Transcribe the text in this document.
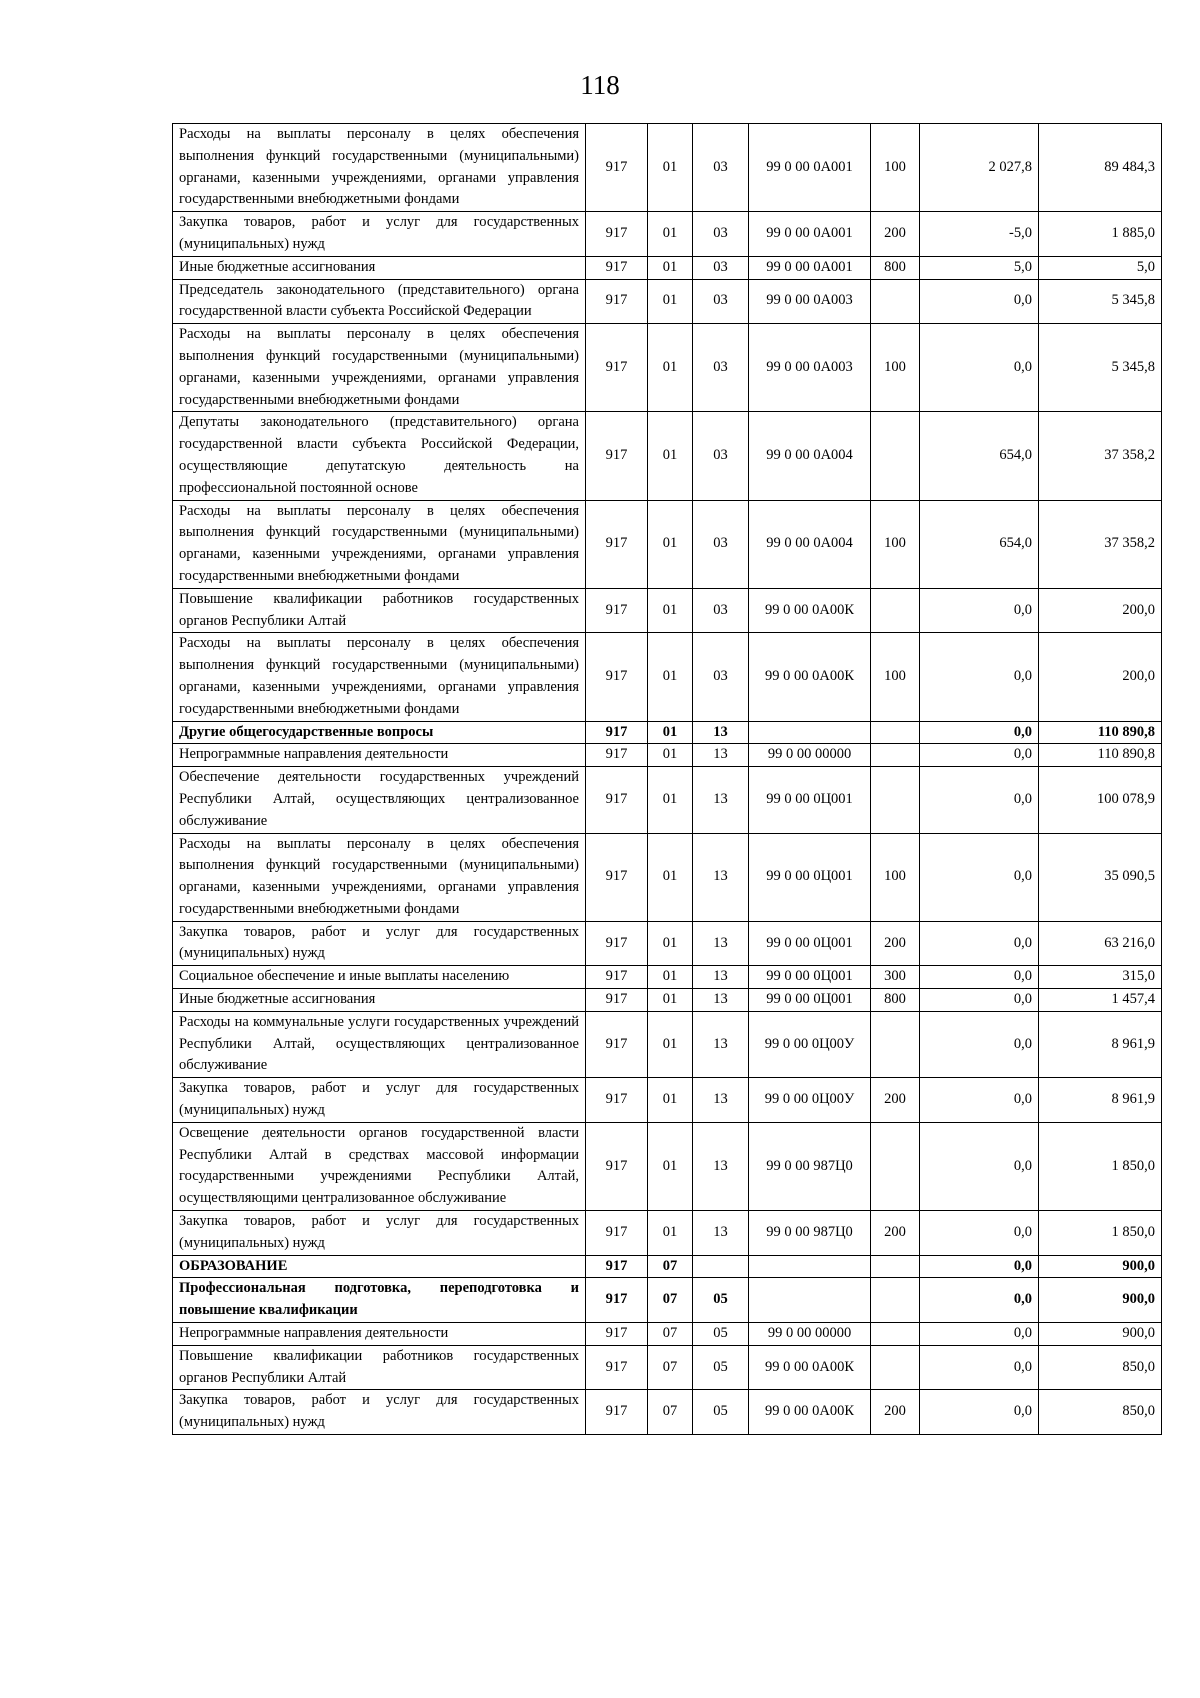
118
Расходы на выплаты персоналу в целях обеспечения выполнения функций государственными (муниципальными) органами, казенными учреждениями, органами управления государственными внебюджетными фондами	917	01	03	99 0 00 0А001	100	2 027,8	89 484,3
Закупка товаров, работ и услуг для государственных (муниципальных) нужд	917	01	03	99 0 00 0А001	200	-5,0	1 885,0
Иные бюджетные ассигнования	917	01	03	99 0 00 0А001	800	5,0	5,0
Председатель законодательного (представительного) органа государственной власти субъекта Российской Федерации	917	01	03	99 0 00 0А003		0,0	5 345,8
Расходы на выплаты персоналу в целях обеспечения выполнения функций государственными (муниципальными) органами, казенными учреждениями, органами управления государственными внебюджетными фондами	917	01	03	99 0 00 0А003	100	0,0	5 345,8
Депутаты законодательного (представительного) органа государственной власти субъекта Российской Федерации, осуществляющие депутатскую деятельность на профессиональной постоянной основе	917	01	03	99 0 00 0А004		654,0	37 358,2
Расходы на выплаты персоналу в целях обеспечения выполнения функций государственными (муниципальными) органами, казенными учреждениями, органами управления государственными внебюджетными фондами	917	01	03	99 0 00 0А004	100	654,0	37 358,2
Повышение квалификации работников государственных органов Республики Алтай	917	01	03	99 0 00 0А00К		0,0	200,0
Расходы на выплаты персоналу в целях обеспечения выполнения функций государственными (муниципальными) органами, казенными учреждениями, органами управления государственными внебюджетными фондами	917	01	03	99 0 00 0А00К	100	0,0	200,0
Другие общегосударственные вопросы	917	01	13			0,0	110 890,8
Непрограммные направления деятельности	917	01	13	99 0 00 00000		0,0	110 890,8
Обеспечение деятельности государственных учреждений Республики Алтай, осуществляющих централизованное обслуживание	917	01	13	99 0 00 0Ц001		0,0	100 078,9
Расходы на выплаты персоналу в целях обеспечения выполнения функций государственными (муниципальными) органами, казенными учреждениями, органами управления государственными внебюджетными фондами	917	01	13	99 0 00 0Ц001	100	0,0	35 090,5
Закупка товаров, работ и услуг для государственных (муниципальных) нужд	917	01	13	99 0 00 0Ц001	200	0,0	63 216,0
Социальное обеспечение и иные выплаты населению	917	01	13	99 0 00 0Ц001	300	0,0	315,0
Иные бюджетные ассигнования	917	01	13	99 0 00 0Ц001	800	0,0	1 457,4
Расходы на коммунальные услуги государственных учреждений Республики Алтай, осуществляющих централизованное обслуживание	917	01	13	99 0 00 0Ц00У		0,0	8 961,9
Закупка товаров, работ и услуг для государственных (муниципальных) нужд	917	01	13	99 0 00 0Ц00У	200	0,0	8 961,9
Освещение деятельности органов государственной власти Республики Алтай в средствах массовой информации государственными учреждениями Республики Алтай, осуществляющими централизованное обслуживание	917	01	13	99 0 00 987Ц0		0,0	1 850,0
Закупка товаров, работ и услуг для государственных (муниципальных) нужд	917	01	13	99 0 00 987Ц0	200	0,0	1 850,0
ОБРАЗОВАНИЕ	917	07				0,0	900,0
Профессиональная подготовка, переподготовка и повышение квалификации	917	07	05			0,0	900,0
Непрограммные направления деятельности	917	07	05	99 0 00 00000		0,0	900,0
Повышение квалификации работников государственных органов Республики Алтай	917	07	05	99 0 00 0А00К		0,0	850,0
Закупка товаров, работ и услуг для государственных (муниципальных) нужд	917	07	05	99 0 00 0А00К	200	0,0	850,0
